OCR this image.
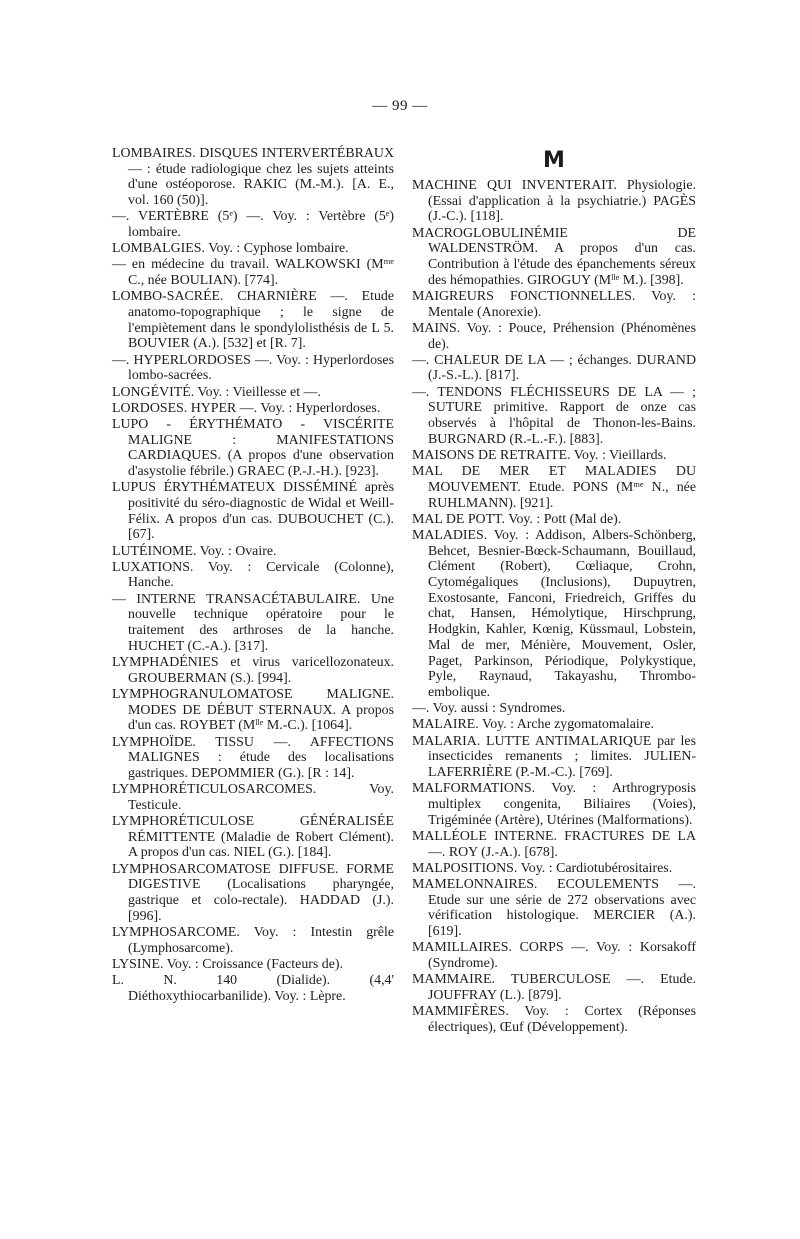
— 99 —

LOMBAIRES. DISQUES INTERVERTÉBRAUX — : étude radiologique chez les sujets atteints d'une ostéoporose. RAKIC (M.-M.). [A. E., vol. 160 (50)].

—. VERTÈBRE (5ᵉ) —. Voy. : Vertèbre (5ᵉ) lombaire.

LOMBALGIES. Voy. : Cyphose lombaire.

— en médecine du travail. WALKOWSKI (Mᵐᵉ C., née BOULIAN). [774].

LOMBO-SACRÉE. CHARNIÈRE —. Etude anatomo-topographique ; le signe de l'empiètement dans le spondylolisthésis de L 5. BOUVIER (A.). [532] et [R. 7].

—. HYPERLORDOSES —. Voy. : Hyperlordoses lombo-sacrées.

LONGÉVITÉ. Voy. : Vieillesse et —.

LORDOSES. HYPER —. Voy. : Hyperlordoses.

LUPO - ÉRYTHÉMATO - VISCÉRITE MALIGNE : MANIFESTATIONS CARDIAQUES. (A propos d'une observation d'asystolie fébrile.) GRAEC (P.-J.-H.). [923].

LUPUS ÉRYTHÉMATEUX DISSÉMINÉ après positivité du séro-diagnostic de Widal et Weill-Félix. A propos d'un cas. DUBOUCHET (C.). [67].

LUTÉINOME. Voy. : Ovaire.

LUXATIONS. Voy. : Cervicale (Colonne), Hanche.

— INTERNE TRANSACÉTABULAIRE. Une nouvelle technique opératoire pour le traitement des arthroses de la hanche. HUCHET (C.-A.). [317].

LYMPHADÉNIES et virus varicellozonateux. GROUBERMAN (S.). [994].

LYMPHOGRANULOMATOSE MALIGNE. MODES DE DÉBUT STERNAUX. A propos d'un cas. ROYBET (Mˡˡᵉ M.-C.). [1064].

LYMPHOÏDE. TISSU —. AFFECTIONS MALIGNES : étude des localisations gastriques. DEPOMMIER (G.). [R : 14].

LYMPHORÉTICULOSARCOMES. Voy. Testicule.

LYMPHORÉTICULOSE GÉNÉRALISÉE RÉMITTENTE (Maladie de Robert Clément). A propos d'un cas. NIEL (G.). [184].

LYMPHOSARCOMATOSE DIFFUSE. FORME DIGESTIVE (Localisations pharyngée, gastrique et colo-rectale). HADDAD (J.). [996].

LYMPHOSARCOME. Voy. : Intestin grêle (Lymphosarcome).

LYSINE. Voy. : Croissance (Facteurs de).

L. N. 140 (Dialide). (4,4' Diéthoxythiocarbanilide). Voy. : Lèpre.

M

MACHINE QUI INVENTERAIT. Physiologie. (Essai d'application à la psychiatrie.) PAGÈS (J.-C.). [118].

MACROGLOBULINÉMIE DE WALDENSTRÖM. A propos d'un cas. Contribution à l'étude des épanchements séreux des hémopathies. GIROGUY (Mˡˡᵉ M.). [398].

MAIGREURS FONCTIONNELLES. Voy. : Mentale (Anorexie).

MAINS. Voy. : Pouce, Préhension (Phénomènes de).

—. CHALEUR DE LA — ; échanges. DURAND (J.-S.-L.). [817].

—. TENDONS FLÉCHISSEURS DE LA — ; SUTURE primitive. Rapport de onze cas observés à l'hôpital de Thonon-les-Bains. BURGNARD (R.-L.-F.). [883].

MAISONS DE RETRAITE. Voy. : Vieillards.

MAL DE MER ET MALADIES DU MOUVEMENT. Etude. PONS (Mᵐᵉ N., née RUHLMANN). [921].

MAL DE POTT. Voy. : Pott (Mal de).

MALADIES. Voy. : Addison, Albers-Schönberg, Behcet, Besnier-Bœck-Schaumann, Bouillaud, Clément (Robert), Cœliaque, Crohn, Cytomégaliques (Inclusions), Dupuytren, Exostosante, Fanconi, Friedreich, Griffes du chat, Hansen, Hémolytique, Hirschprung, Hodgkin, Kahler, Kœnig, Küssmaul, Lobstein, Mal de mer, Ménière, Mouvement, Osler, Paget, Parkinson, Périodique, Polykystique, Pyle, Raynaud, Takayashu, Thrombo-embolique.

—. Voy. aussi : Syndromes.

MALAIRE. Voy. : Arche zygomatomalaire.

MALARIA. LUTTE ANTIMALARIQUE par les insecticides remanents ; limites. JULIEN-LAFERRIÈRE (P.-M.-C.). [769].

MALFORMATIONS. Voy. : Arthrogryposis multiplex congenita, Biliaires (Voies), Trigéminée (Artère), Utérines (Malformations).

MALLÉOLE INTERNE. FRACTURES DE LA —. ROY (J.-A.). [678].

MALPOSITIONS. Voy. : Cardiotubérositaires.

MAMELONNAIRES. ECOULEMENTS —. Etude sur une série de 272 observations avec vérification histologique. MERCIER (A.). [619].

MAMILLAIRES. CORPS —. Voy. : Korsakoff (Syndrome).

MAMMAIRE. TUBERCULOSE —. Etude. JOUFFRAY (L.). [879].

MAMMIFÈRES. Voy. : Cortex (Réponses électriques), Œuf (Développement).
